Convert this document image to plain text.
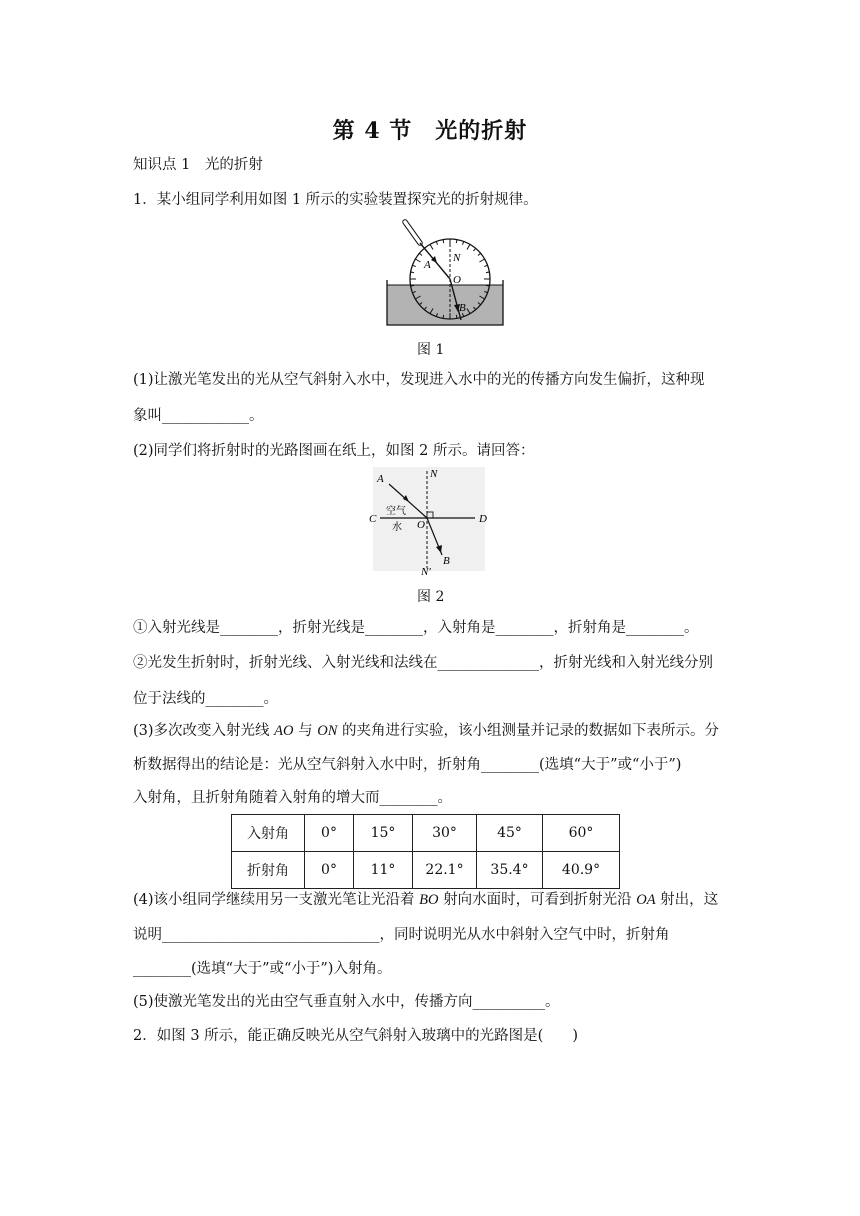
第 4 节　光的折射
知识点 1　光的折射
1．某小组同学利用如图 1 所示的实验装置探究光的折射规律。
A
N
O
B
图 1
(1)让激光笔发出的光从空气斜射入水中，发现进入水中的光的传播方向发生偏折，这种现
象叫____________。
(2)同学们将折射时的光路图画在纸上，如图 2 所示。请回答：
A	N
C	D
O
B
N′
空气
水
图 2
①入射光线是________，折射光线是________，入射角是________，折射角是________。
②光发生折射时，折射光线、入射光线和法线在______________，折射光线和入射光线分别
位于法线的________。
(3)多次改变入射光线 AO 与 ON 的夹角进行实验，该小组测量并记录的数据如下表所示。分
析数据得出的结论是：光从空气斜射入水中时，折射角________(选填“大于”或“小于”)
入射角，且折射角随着入射角的增大而________。
入射角	0°	15°	30°	45°	60°
折射角	0°	11°	22.1°	35.4°	40.9°
(4)该小组同学继续用另一支激光笔让光沿着 BO 射向水面时，可看到折射光沿 OA 射出，这
说明______________________________，同时说明光从水中斜射入空气中时，折射角
________(选填“大于”或“小于”)入射角。
(5)使激光笔发出的光由空气垂直射入水中，传播方向__________。
2．如图 3 所示，能正确反映光从空气斜射入玻璃中的光路图是(　　)
